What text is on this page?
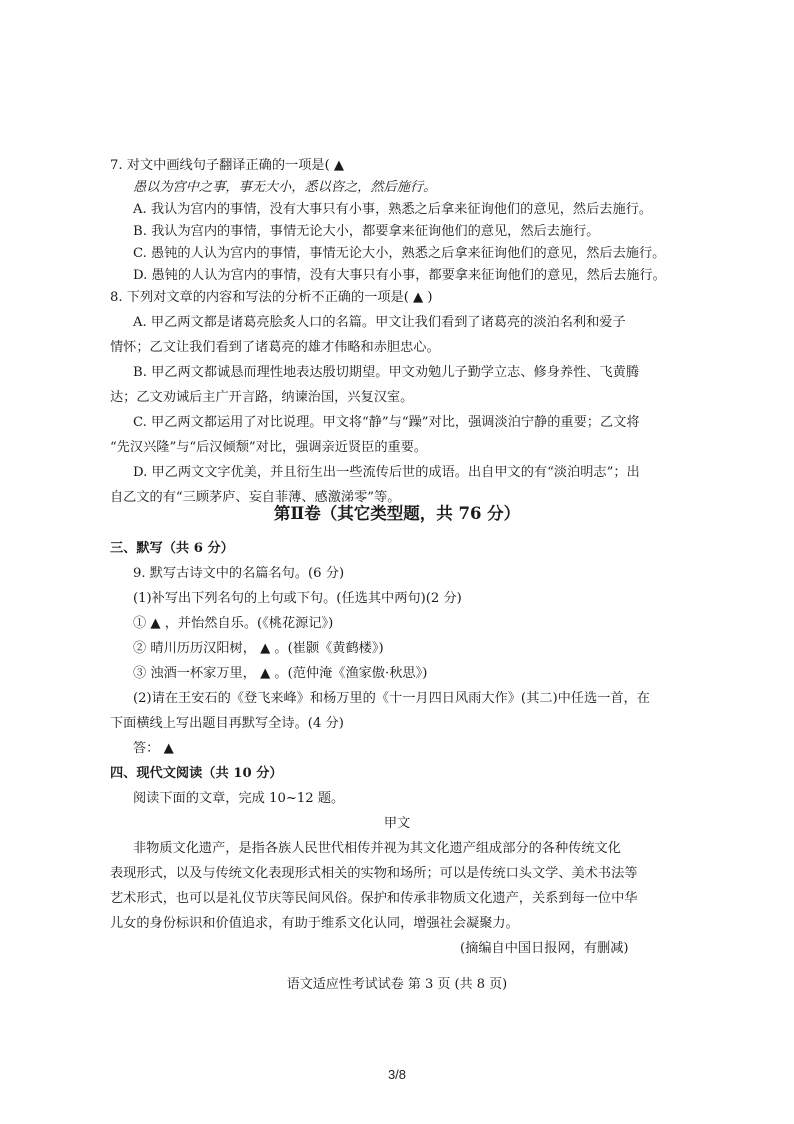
7. 对文中画线句子翻译正确的一项是( ▲
愚以为宫中之事，事无大小，悉以咨之，然后施行。
A. 我认为宫内的事情，没有大事只有小事，熟悉之后拿来征询他们的意见，然后去施行。
B. 我认为宫内的事情，事情无论大小，都要拿来征询他们的意见，然后去施行。
C. 愚钝的人认为宫内的事情，事情无论大小，熟悉之后拿来征询他们的意见，然后去施行。
D. 愚钝的人认为宫内的事情，没有大事只有小事，都要拿来征询他们的意见，然后去施行。
8. 下列对文章的内容和写法的分析不正确的一项是( ▲ )
A. 甲乙两文都是诸葛亮脍炙人口的名篇。甲文让我们看到了诸葛亮的淡泊名利和爱子
情怀；乙文让我们看到了诸葛亮的雄才伟略和赤胆忠心。
B. 甲乙两文都诚恳而理性地表达殷切期望。甲文劝勉儿子勤学立志、修身养性、飞黄腾
达；乙文劝诫后主广开言路，纳谏治国，兴复汉室。
C. 甲乙两文都运用了对比说理。甲文将“静”与“躁”对比，强调淡泊宁静的重要；乙文将
“先汉兴隆”与“后汉倾颓”对比，强调亲近贤臣的重要。
D. 甲乙两文文字优美，并且衍生出一些流传后世的成语。出自甲文的有“淡泊明志”；出
自乙文的有“三顾茅庐、妄自菲薄、感激涕零”等。
第Ⅱ卷（其它类型题，共 76 分）
三、默写（共 6 分）
9. 默写古诗文中的名篇名句。(6 分)
(1)补写出下列名句的上句或下句。(任选其中两句)(2 分)
① ▲ ，并怡然自乐。(《桃花源记》)
② 晴川历历汉阳树， ▲ 。(崔颢《黄鹤楼》)
③ 浊酒一杯家万里， ▲ 。(范仲淹《渔家傲·秋思》)
(2)请在王安石的《登飞来峰》和杨万里的《十一月四日风雨大作》(其二)中任选一首，在
下面横线上写出题目再默写全诗。(4 分)
答： ▲
四、现代文阅读（共 10 分）
阅读下面的文章，完成 10~12 题。
甲文
非物质文化遗产，是指各族人民世代相传并视为其文化遗产组成部分的各种传统文化
表现形式，以及与传统文化表现形式相关的实物和场所；可以是传统口头文学、美术书法等
艺术形式，也可以是礼仪节庆等民间风俗。保护和传承非物质文化遗产，关系到每一位中华
儿女的身份标识和价值追求，有助于维系文化认同，增强社会凝聚力。
(摘编自中国日报网，有删减)
语文适应性考试试卷 第 3 页 (共 8 页)
3/8
